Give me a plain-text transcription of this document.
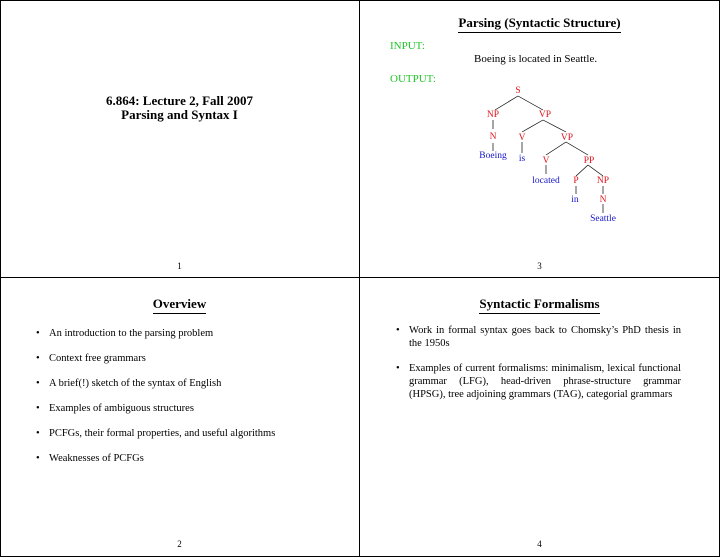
6.864: Lecture 2, Fall 2007
Parsing and Syntax I
1
Parsing (Syntactic Structure)
INPUT:
Boeing is located in Seattle.
OUTPUT:
S
NP	VP
N V	VP
Boeing is V	PP
located P NP
in N
Seattle
3
Overview
• An introduction to the parsing problem
• Context free grammars
• A brief(!) sketch of the syntax of English
• Examples of ambiguous structures
• PCFGs, their formal properties, and useful algorithms
• Weaknesses of PCFGs
2
Syntactic Formalisms
• Work in formal syntax goes back to Chomsky’s PhD thesis in the 1950s
• Examples of current formalisms: minimalism, lexical functional grammar (LFG), head-driven phrase-structure grammar (HPSG), tree adjoining grammars (TAG), categorial grammars
4
